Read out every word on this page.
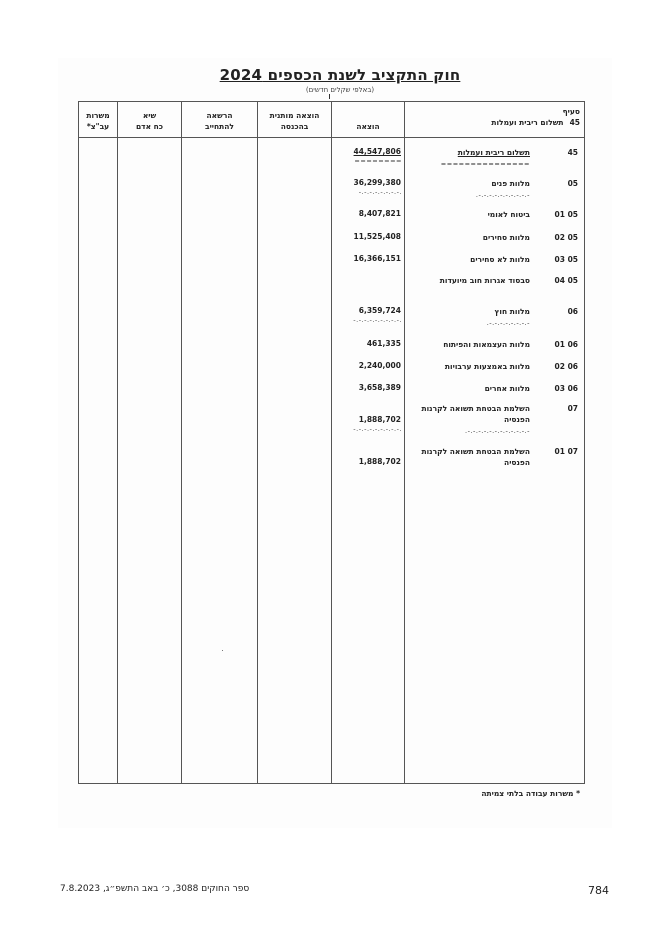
חוק התקציב לשנת הכספים 2024
(באלפי שקלים חדשים)
משרות
עב"צ*
שיא
כח אדם
הרשאה
להתחייב
הוצאה מותנית
בהכנסה	הוצאה
סעיף
45תשלום ריבית ועמלות
45
תשלום ריבית ועמלות
===============
44,547,806
========
05
מלוות פנים
-.-.-.-.-.-.-.-.-.-.
36,299,380
-.-.-.-.-.-.-.-.
05 01
ביטוח לאומי
8,407,821
05 02
מלוות סחירים
11,525,408
05 03
מלוות לא סחירים
16,366,151
05 04
סבסוד אגרות חוב מיועדות
06
מלוות חוץ
-.-.-.-.-.-.-.-.
6,359,724
-.-.-.-.-.-.-.-.-.
06 01
מלוות העצמאות והפיתוח
461,335
06 02
מלוות באמצעות ערבויות
2,240,000
06 03
מלוות אחרים
3,658,389
07
השלמת הבטחת תשואה לקרנות הפנסיה
-.-.-.-.-.-.-.-.-.-.-.-.
1,888,702
-.-.-.-.-.-.-.-.-.
07 01
השלמת הבטחת תשואה לקרנות הפנסיה
1,888,702
* משרות עבודה בלתי צמיתה
ספר החוקים 3088, כ׳ באב התשפ״ג, 7.8.2023	784
